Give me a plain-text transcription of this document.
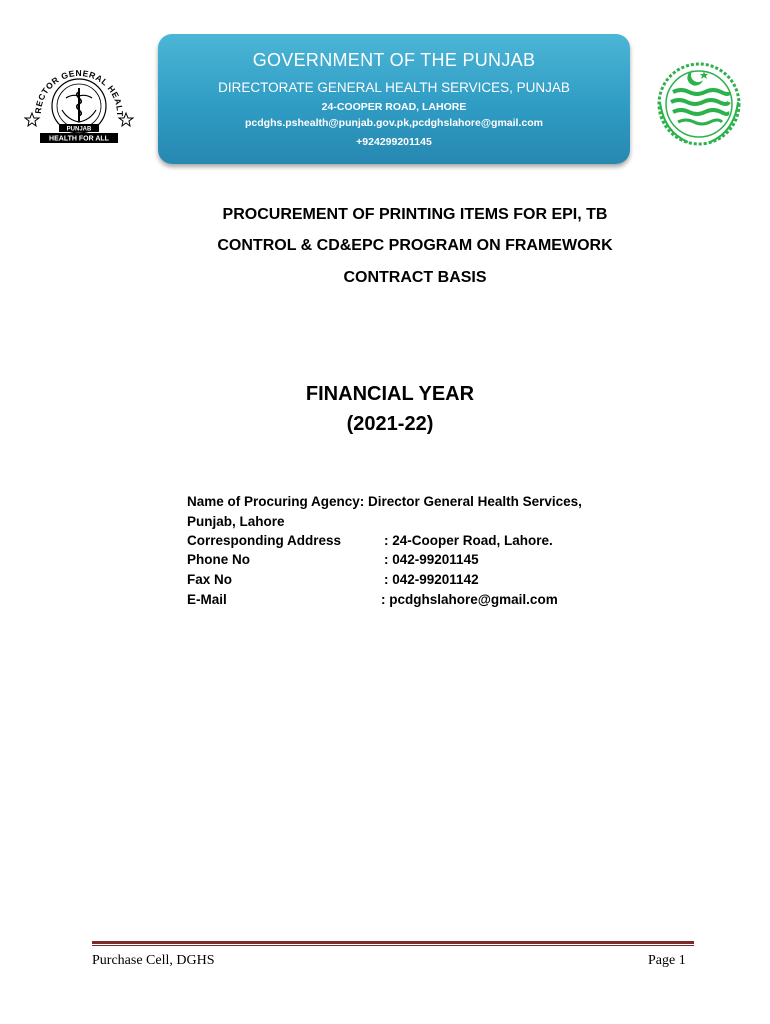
RECTOR GENERAL HEALT
PUNJAB
HEALTH FOR ALL
GOVERNMENT OF THE PUNJAB
DIRECTORATE GENERAL HEALTH SERVICES, PUNJAB
24-COOPER ROAD, LAHORE
pcdghs.pshealth@punjab.gov.pk,pcdghslahore@gmail.com
+924299201145
PROCUREMENT OF PRINTING ITEMS FOR EPI, TB
CONTROL & CD&EPC PROGRAM ON FRAMEWORK
CONTRACT BASIS
FINANCIAL YEAR
(2021-22)
Name of Procuring Agency: Director General Health Services,
Punjab, Lahore
Corresponding Address	: 24-Cooper Road, Lahore.
Phone No	: 042-99201145
Fax No	: 042-99201142
E-Mail	: pcdghslahore@gmail.com
Purchase Cell, DGHS	Page 1
